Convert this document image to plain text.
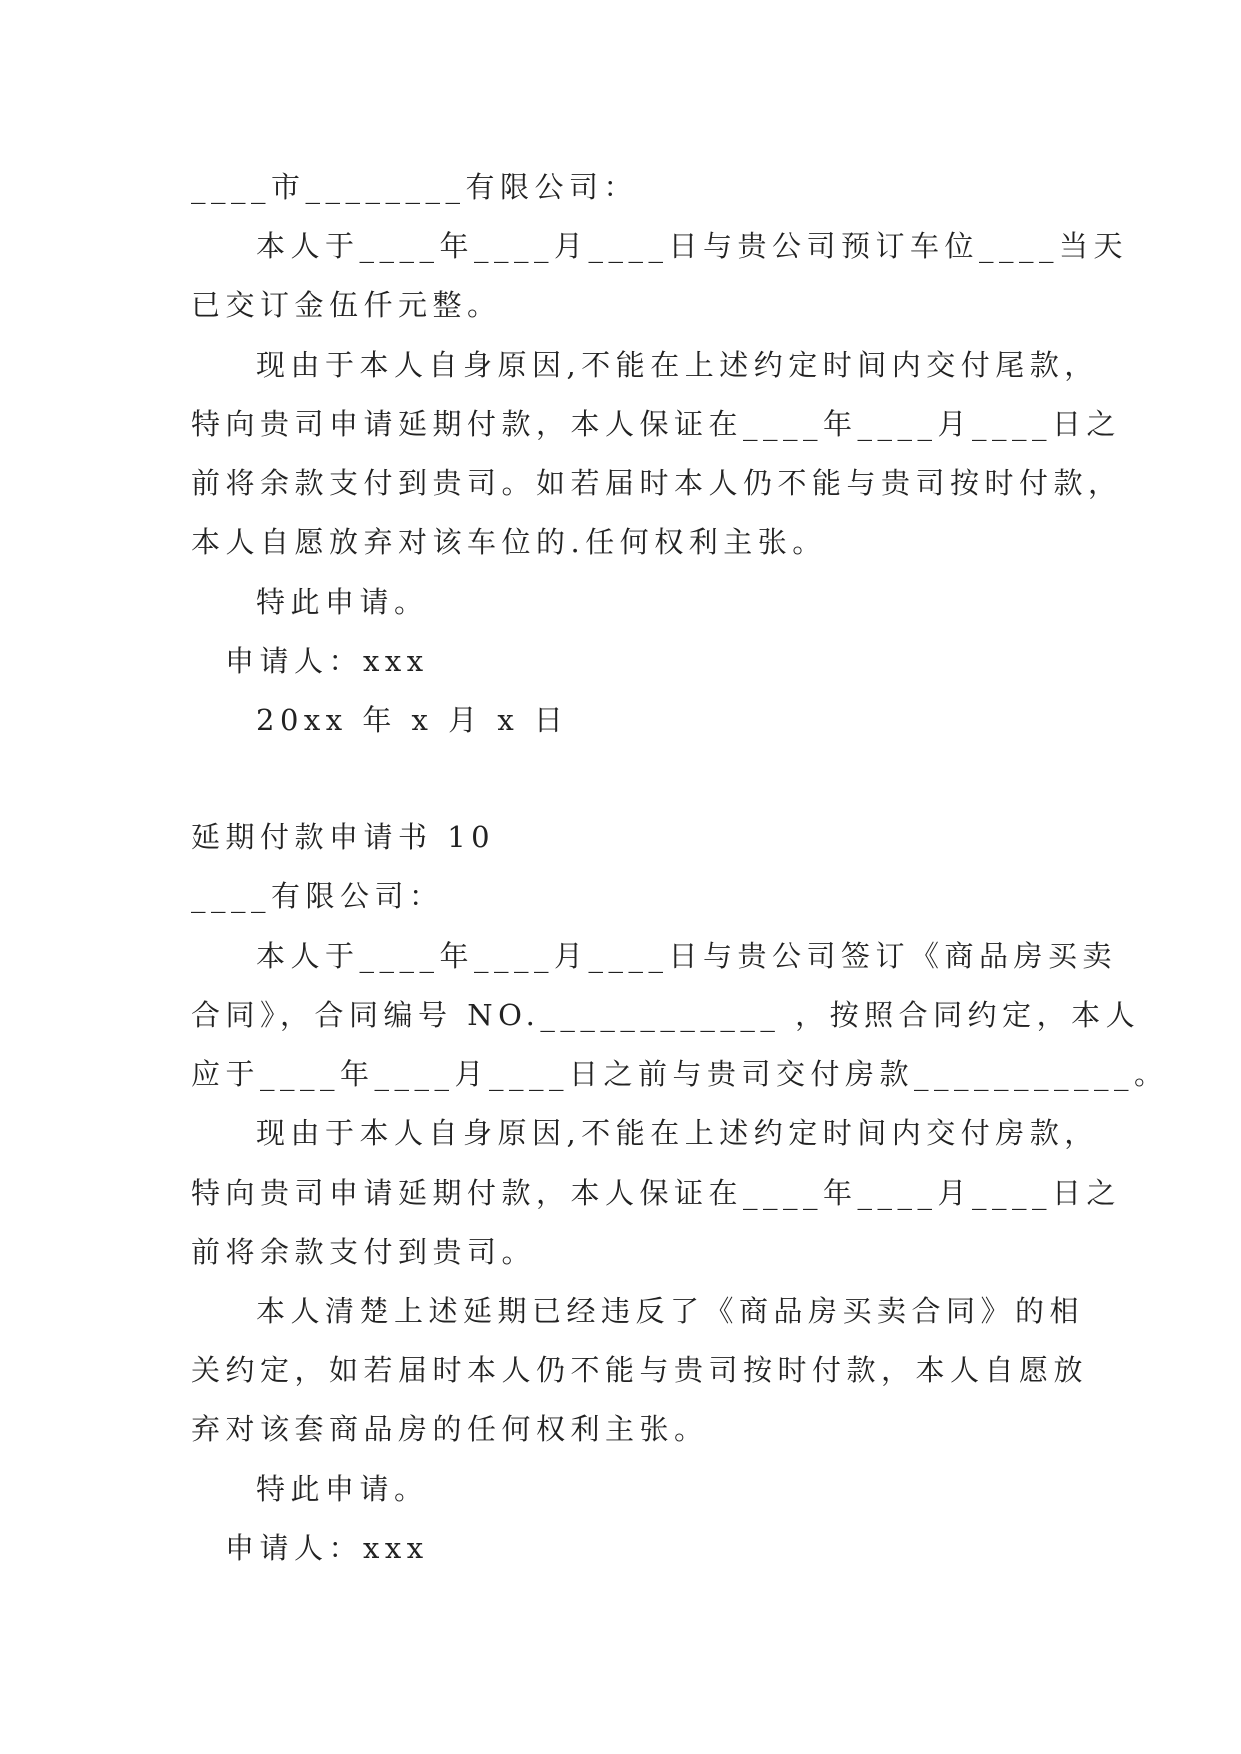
____市________有限公司：

本人于____年____月____日与贵公司预订车位____当天

已交订金伍仟元整。

现由于本人自身原因,不能在上述约定时间内交付尾款，

特向贵司申请延期付款，本人保证在____年____月____日之

前将余款支付到贵司。如若届时本人仍不能与贵司按时付款，

本人自愿放弃对该车位的.任何权利主张。

特此申请。

申请人：xxx

20xx 年 x 月 x 日

延期付款申请书 10

____有限公司：

本人于____年____月____日与贵公司签订《商品房买卖

合同》，合同编号 NO.____________ ，按照合同约定，本人

应于____年____月____日之前与贵司交付房款___________。

现由于本人自身原因,不能在上述约定时间内交付房款，

特向贵司申请延期付款，本人保证在____年____月____日之

前将余款支付到贵司。

本人清楚上述延期已经违反了《商品房买卖合同》的相

关约定，如若届时本人仍不能与贵司按时付款，本人自愿放

弃对该套商品房的任何权利主张。

特此申请。

申请人：xxx
